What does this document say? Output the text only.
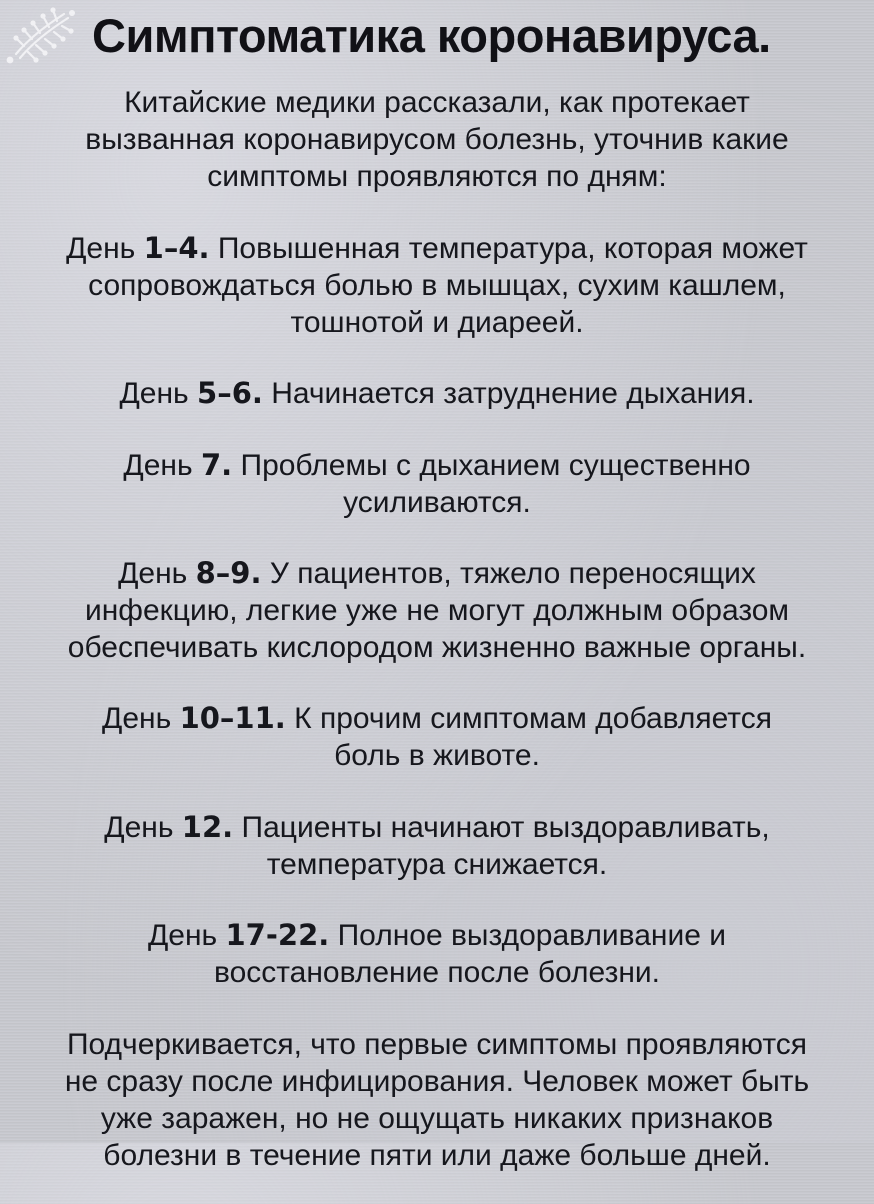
Симптоматика коронавируса.

Китайские медики рассказали, как протекает
вызванная коронавирусом болезнь, уточнив какие
симптомы проявляются по дням:

День 1–4. Повышенная температура, которая может
сопровождаться болью в мышцах, сухим кашлем,
тошнотой и диареей.

День 5–6. Начинается затруднение дыхания.

День 7. Проблемы с дыханием существенно
усиливаются.

День 8–9. У пациентов, тяжело переносящих
инфекцию, легкие уже не могут должным образом
обеспечивать кислородом жизненно важные органы.

День 10–11. К прочим симптомам добавляется
боль в животе.

День 12. Пациенты начинают выздоравливать,
температура снижается.

День 17-22. Полное выздоравливание и
восстановление после болезни.

Подчеркивается, что первые симптомы проявляются
не сразу после инфицирования. Человек может быть
уже заражен, но не ощущать никаких признаков
болезни в течение пяти или даже больше дней.
